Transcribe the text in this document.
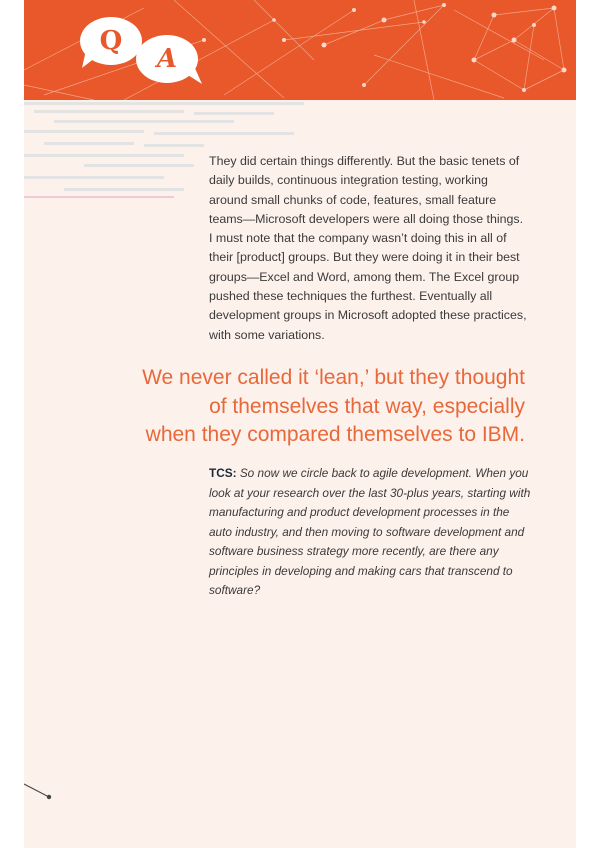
Q
A

They did certain things differently. But the basic tenets of daily builds, continuous integration testing, working around small chunks of code, features, small feature teams—Microsoft developers were all doing those things. I must note that the company wasn’t doing this in all of their [product] groups. But they were doing it in their best groups—Excel and Word, among them. The Excel group pushed these techniques the furthest. Eventually all development groups in Microsoft adopted these practices, with some variations.

We never called it ‘lean,’ but they thought
of themselves that way, especially
when they compared themselves to IBM.

TCS: So now we circle back to agile development. When you look at your research over the last 30-plus years, starting with manufacturing and product development processes in the auto industry, and then moving to software development and software business strategy more recently, are there any principles in developing and making cars that transcend to software?
